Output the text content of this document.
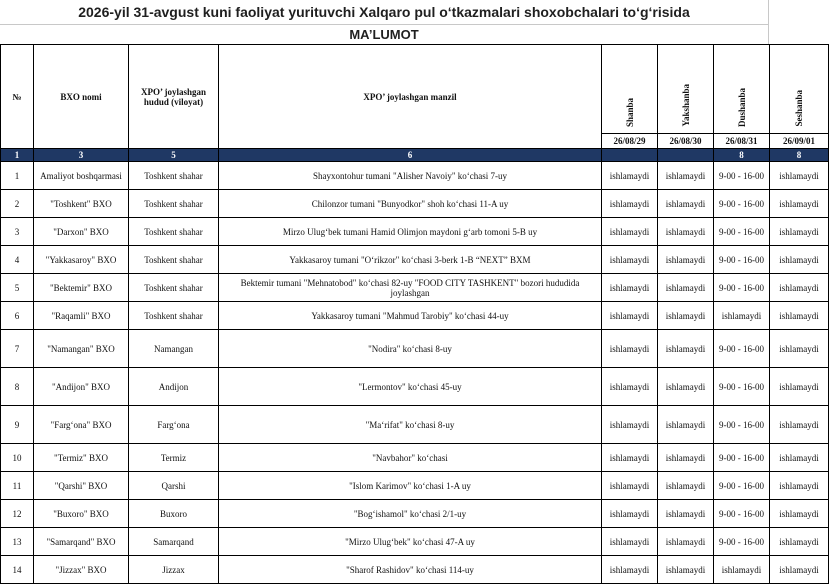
2026-yil 31-avgust kuni faoliyat yurituvchi Xalqaro pul o‘tkazmalari shoxobchalari to‘g‘risida
MA’LUMOT
№	BXO nomi	XPO’ joylashgan hudud (viloyat)	XPO’ joylashgan manzil	Shanba	Yakshanba	Dushanba	Seshanba
				26/08/29	26/08/30	26/08/31	26/09/01
1	3	5	6			8	8
1	Amaliyot boshqarmasi	Toshkent shahar	Shayxontohur tumani "Alisher Navoiy" ko‘chasi 7-uy	ishlamaydi	ishlamaydi	9-00 - 16-00	ishlamaydi
2	"Toshkent" BXO	Toshkent shahar	Chilonzor tumani "Bunyodkor" shoh ko‘chasi 11-A uy	ishlamaydi	ishlamaydi	9-00 - 16-00	ishlamaydi
3	"Darxon" BXO	Toshkent shahar	Mirzo Ulug‘bek tumani Hamid Olimjon maydoni g‘arb tomoni 5-B uy	ishlamaydi	ishlamaydi	9-00 - 16-00	ishlamaydi
4	"Yakkasaroy" BXO	Toshkent shahar	Yakkasaroy tumani "O‘rikzor" ko‘chasi 3-berk 1-B “NEXT” BXM	ishlamaydi	ishlamaydi	9-00 - 16-00	ishlamaydi
5	"Bektemir" BXO	Toshkent shahar	Bektemir tumani "Mehnatobod" ko‘chasi 82-uy "FOOD CITY TASHKENT" bozori hududida joylashgan	ishlamaydi	ishlamaydi	9-00 - 16-00	ishlamaydi
6	"Raqamli" BXO	Toshkent shahar	Yakkasaroy tumani "Mahmud Tarobiy" ko‘chasi 44-uy	ishlamaydi	ishlamaydi	ishlamaydi	ishlamaydi
7	"Namangan" BXO	Namangan	"Nodira" ko‘chasi 8-uy	ishlamaydi	ishlamaydi	9-00 - 16-00	ishlamaydi
8	"Andijon" BXO	Andijon	"Lermontov" ko‘chasi 45-uy	ishlamaydi	ishlamaydi	9-00 - 16-00	ishlamaydi
9	"Farg‘ona" BXO	Farg‘ona	"Ma‘rifat" ko‘chasi 8-uy	ishlamaydi	ishlamaydi	9-00 - 16-00	ishlamaydi
10	"Termiz" BXO	Termiz	"Navbahor" ko‘chasi	ishlamaydi	ishlamaydi	9-00 - 16-00	ishlamaydi
11	"Qarshi" BXO	Qarshi	"Islom Karimov" ko‘chasi 1-A uy	ishlamaydi	ishlamaydi	9-00 - 16-00	ishlamaydi
12	"Buxoro" BXO	Buxoro	"Bog‘ishamol" ko‘chasi 2/1-uy	ishlamaydi	ishlamaydi	9-00 - 16-00	ishlamaydi
13	"Samarqand" BXO	Samarqand	"Mirzo Ulug‘bek" ko‘chasi 47-A uy	ishlamaydi	ishlamaydi	9-00 - 16-00	ishlamaydi
14	"Jizzax" BXO	Jizzax	"Sharof Rashidov" ko‘chasi 114-uy	ishlamaydi	ishlamaydi	ishlamaydi	ishlamaydi
